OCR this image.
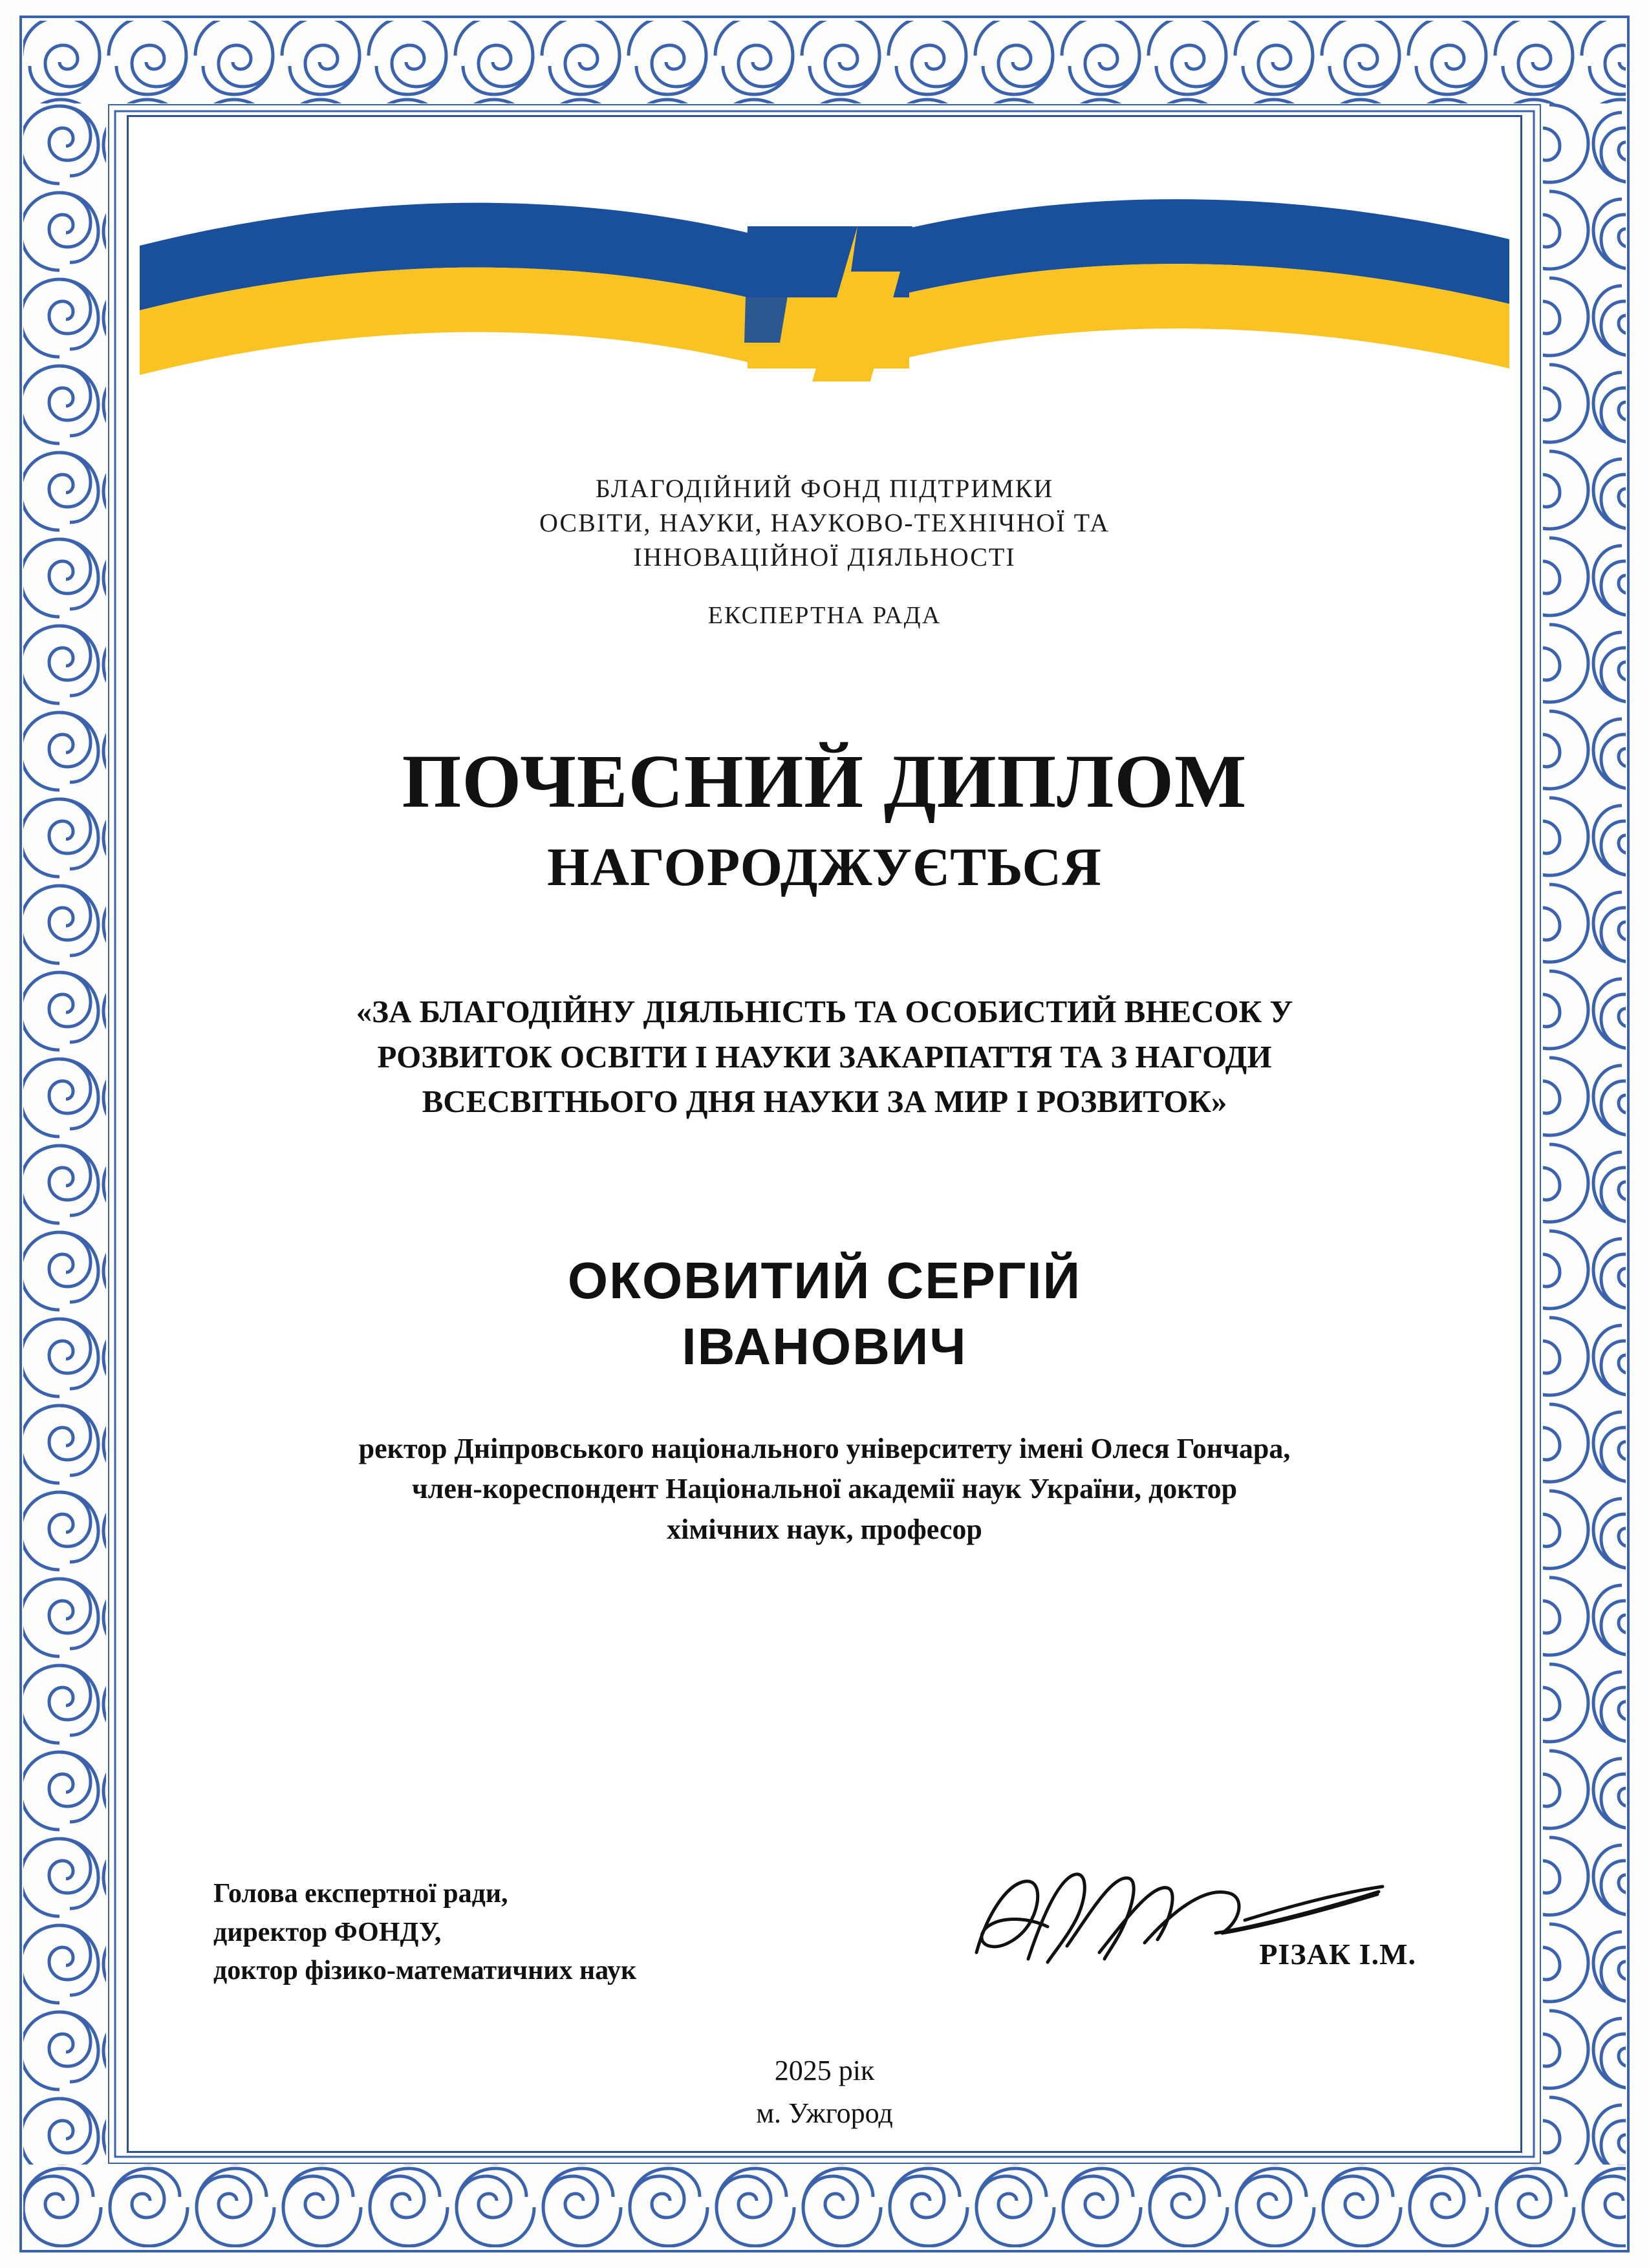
БЛАГОДІЙНИЙ ФОНД ПІДТРИМКИ
ОСВІТИ, НАУКИ, НАУКОВО-ТЕХНІЧНОЇ ТА
ІННОВАЦІЙНОЇ ДІЯЛЬНОСТІ
ЕКСПЕРТНА РАДА
ПОЧЕСНИЙ ДИПЛОМ
НАГОРОДЖУЄТЬСЯ
«ЗА БЛАГОДІЙНУ ДІЯЛЬНІСТЬ ТА ОСОБИСТИЙ ВНЕСОК У
РОЗВИТОК ОСВІТИ І НАУКИ ЗАКАРПАТТЯ ТА З НАГОДИ
ВСЕСВІТНЬОГО ДНЯ НАУКИ ЗА МИР І РОЗВИТОК»
ОКОВИТИЙ СЕРГІЙ
ІВАНОВИЧ
ректор Дніпровського національного університету імені Олеся Гончара,
член-кореспондент Національної академії наук України, доктор
хімічних наук, професор
Голова експертної ради,
директор ФОНДУ,
доктор фізико-математичних наук
РІЗАК І.М.
2025 рік
м. Ужгород
